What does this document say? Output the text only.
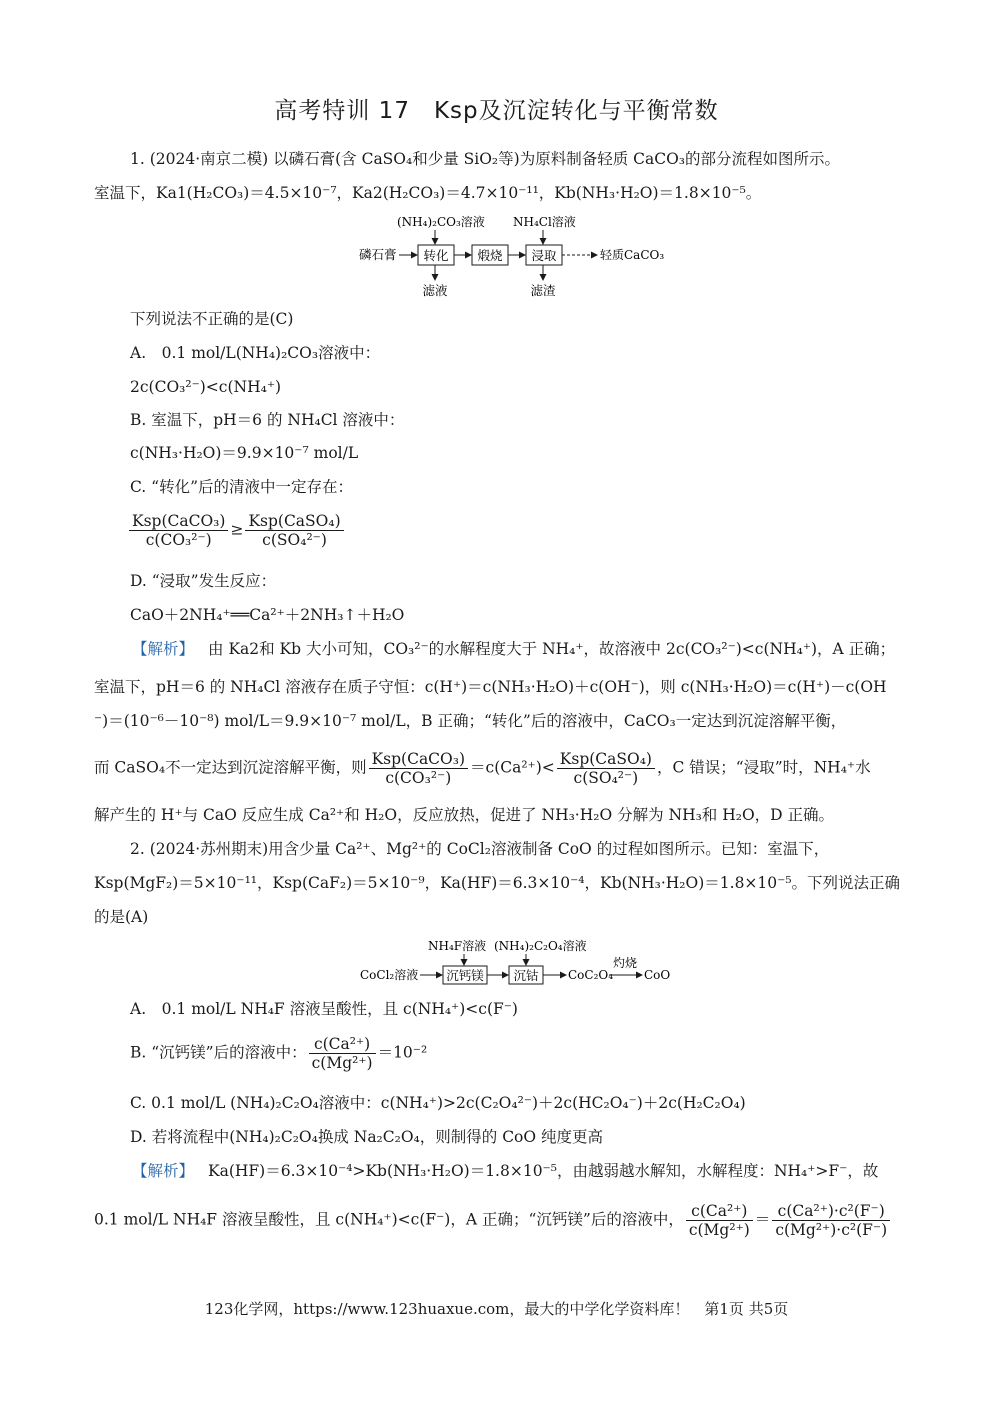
高考特训 17　Ksp及沉淀转化与平衡常数
1. (2024·南京二模) 以磷石膏(含 CaSO₄和少量 SiO₂等)为原料制备轻质 CaCO₃的部分流程如图所示。
室温下，Ka1(H₂CO₃)＝4.5×10⁻⁷，Ka2(H₂CO₃)＝4.7×10⁻¹¹，Kb(NH₃·H₂O)＝1.8×10⁻⁵。
(NH₄)₂CO₃溶液 NH₄Cl溶液
磷石膏 转化 煅烧 浸取	轻质CaCO₃
滤液	滤渣
下列说法不正确的是(C)
A.　0.1 mol/L(NH₄)₂CO₃溶液中：
2c(CO₃²⁻)<c(NH₄⁺)
B. 室温下，pH＝6 的 NH₄Cl 溶液中：
c(NH₃·H₂O)＝9.9×10⁻⁷ mol/L
C. “转化”后的清液中一定存在：
$\frac{\text{Ksp(CaCO₃)}}{\text{c(CO₃²⁻)}} \ge \frac{\text{Ksp(CaSO₄)}}{\text{c(SO₄²⁻)}}$
D. “浸取”发生反应：
CaO＋2NH₄⁺══Ca²⁺＋2NH₃↑＋H₂O
【解析】 由 Ka2和 Kb 大小可知，CO₃²⁻的水解程度大于 NH₄⁺，故溶液中 2c(CO₃²⁻)<c(NH₄⁺)，A 正确；
室温下，pH＝6 的 NH₄Cl 溶液存在质子守恒：c(H⁺)＝c(NH₃·H₂O)＋c(OH⁻)，则 c(NH₃·H₂O)＝c(H⁺)－c(OH
⁻)＝(10⁻⁶－10⁻⁸) mol/L＝9.9×10⁻⁷ mol/L，B 正确；“转化”后的溶液中，CaCO₃一定达到沉淀溶解平衡，
而 CaSO₄不一定达到沉淀溶解平衡，则 $\frac{\text{Ksp(CaCO₃)}}{\text{c(CO₃²⁻)}} =c(Ca^{2+})< \frac{\text{Ksp(CaSO₄)}}{\text{c(SO₄²⁻)}}$ ，C 错误；“浸取”时，NH₄⁺水
解产生的 H⁺与 CaO 反应生成 Ca²⁺和 H₂O，反应放热，促进了 NH₃·H₂O 分解为 NH₃和 H₂O，D 正确。
2. (2024·苏州期末)用含少量 Ca²⁺、Mg²⁺的 CoCl₂溶液制备 CoO 的过程如图所示。已知：室温下，
Ksp(MgF₂)＝5×10⁻¹¹，Ksp(CaF₂)＝5×10⁻⁹，Ka(HF)＝6.3×10⁻⁴，Kb(NH₃·H₂O)＝1.8×10⁻⁵。下列说法正确
的是(A)
NH₄F溶液 (NH₄)₂C₂O₄溶液
CoCl₂溶液 沉钙镁 沉钴 CoC₂O₄
灼烧
CoO
A.　0.1 mol/L NH₄F 溶液呈酸性，且 c(NH₄⁺)<c(F⁻)
B. “沉钙镁”后的溶液中： $\frac{\text{c(Ca²⁺)}}{\text{c(Mg²⁺)}} =10^{-2}$
C. 0.1 mol/L (NH₄)₂C₂O₄溶液中：c(NH₄⁺)>2c(C₂O₄²⁻)＋2c(HC₂O₄⁻)＋2c(H₂C₂O₄)
D. 若将流程中(NH₄)₂C₂O₄换成 Na₂C₂O₄，则制得的 CoO 纯度更高
【解析】 Ka(HF)＝6.3×10⁻⁴>Kb(NH₃·H₂O)＝1.8×10⁻⁵，由越弱越水解知，水解程度：NH₄⁺>F⁻，故
0.1 mol/L NH₄F 溶液呈酸性，且 c(NH₄⁺)<c(F⁻)，A 正确；“沉钙镁”后的溶液中， $\frac{\text{c(Ca²⁺)}}{\text{c(Mg²⁺)}} = \frac{\text{c(Ca²⁺)·c²(F⁻)}}{\text{c(Mg²⁺)·c²(F⁻)}}$
123化学网，https://www.123huaxue.com，最大的中学化学资料库！　第1页 共5页
